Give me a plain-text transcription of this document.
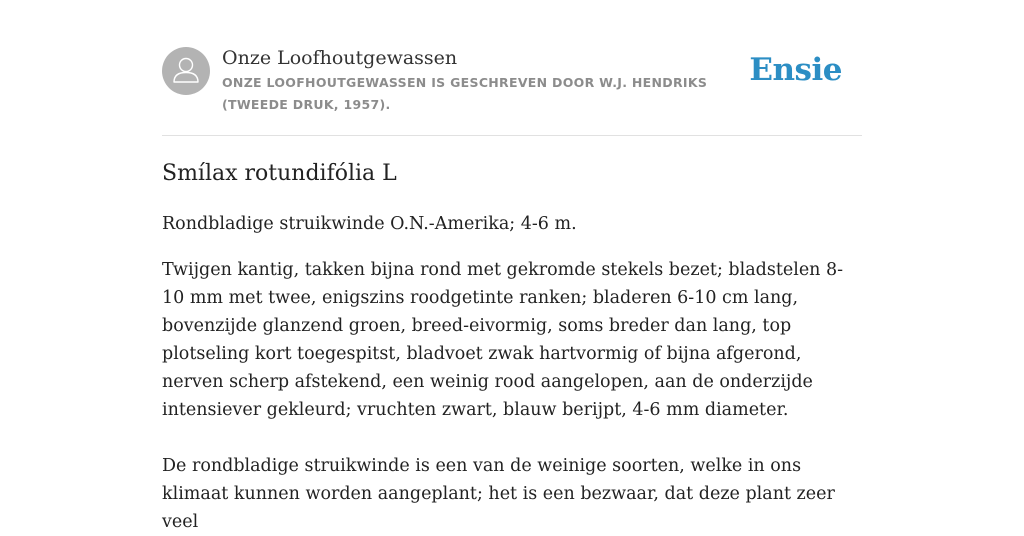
Onze Loofhoutgewassen
ONZE LOOFHOUTGEWASSEN IS GESCHREVEN DOOR W.J. HENDRIKS (TWEEDE DRUK, 1957).
Ensie
Smílax rotundifólia L

Rondbladige struikwinde O.N.-Amerika; 4-6 m.

Twijgen kantig, takken bijna rond met gekromde stekels bezet; bladstelen 8-10 mm met twee, enigszins roodgetinte ranken; bladeren 6-10 cm lang, bovenzijde glanzend groen, breed-eivormig, soms breder dan lang, top plotseling kort toegespitst, bladvoet zwak hartvormig of bijna afgerond, nerven scherp afstekend, een weinig rood aangelopen, aan de onderzijde intensiever gekleurd; vruchten zwart, blauw berijpt, 4-6 mm diameter.

De rondbladige struikwinde is een van de weinige soorten, welke in ons klimaat kunnen worden aangeplant; het is een bezwaar, dat deze plant zeer veel
